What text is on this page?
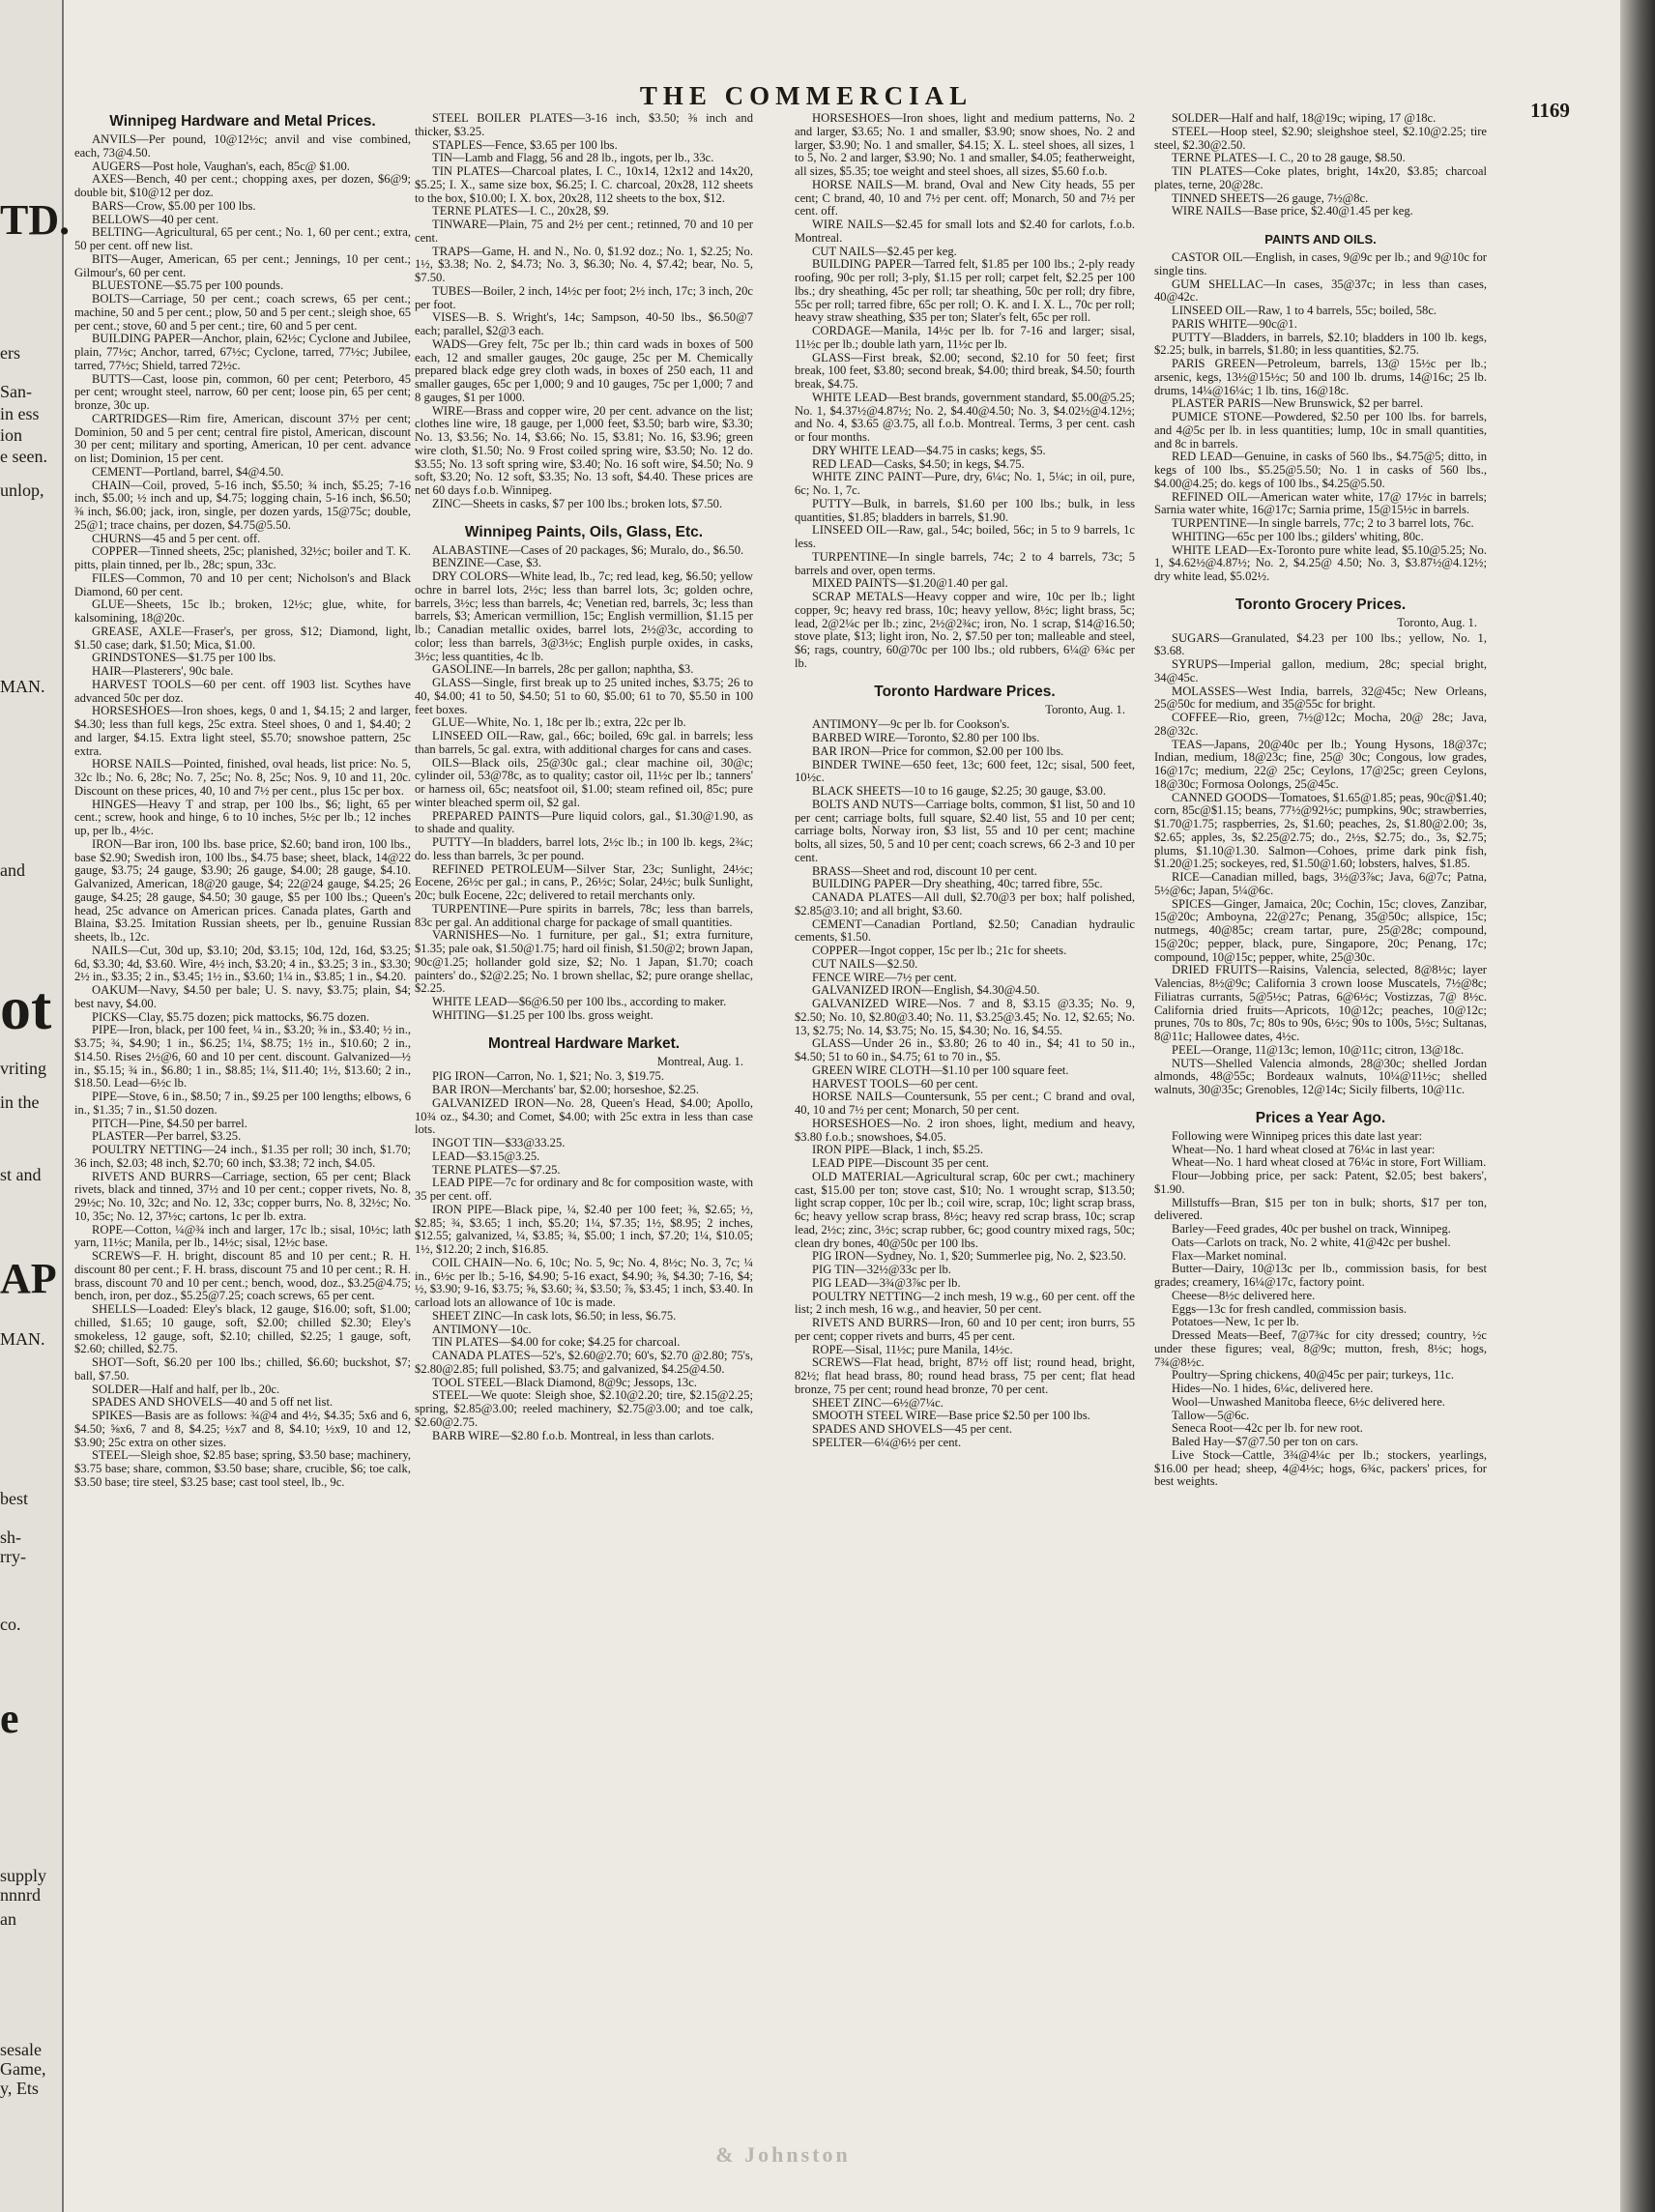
TD.
ers
San-
in ess
ion
e seen.
unlop,
MAN.
and
ot
vriting
in the
st and
AP
MAN.
best
sh-
rry-
co.
e
supply
nnnrd
an
sesale
Game,
y, Ets
THE COMMERCIAL	1169
Winnipeg Hardware and Metal Prices.
ANVILS—Per pound, 10@12½c; anvil and vise combined, each, 73@4.50.
AUGERS—Post hole, Vaughan's, each, 85c@ $1.00.
AXES—Bench, 40 per cent.; chopping axes, per dozen, $6@9; double bit, $10@12 per doz.
BARS—Crow, $5.00 per 100 lbs.
BELLOWS—40 per cent.
BELTING—Agricultural, 65 per cent.; No. 1, 60 per cent.; extra, 50 per cent. off new list.
BITS—Auger, American, 65 per cent.; Jennings, 10 per cent.; Gilmour's, 60 per cent.
BLUESTONE—$5.75 per 100 pounds.
BOLTS—Carriage, 50 per cent.; coach screws, 65 per cent.; machine, 50 and 5 per cent.; plow, 50 and 5 per cent.; sleigh shoe, 65 per cent.; stove, 60 and 5 per cent.; tire, 60 and 5 per cent.
BUILDING PAPER—Anchor, plain, 62½c; Cyclone and Jubilee, plain, 77½c; Anchor, tarred, 67½c; Cyclone, tarred, 77½c; Jubilee, tarred, 77½c; Shield, tarred 72½c.
BUTTS—Cast, loose pin, common, 60 per cent; Peterboro, 45 per cent; wrought steel, narrow, 60 per cent; loose pin, 65 per cent; bronze, 30c up.
CARTRIDGES—Rim fire, American, discount 37½ per cent; Dominion, 50 and 5 per cent; central fire pistol, American, discount 30 per cent; military and sporting, American, 10 per cent. advance on list; Dominion, 15 per cent.
CEMENT—Portland, barrel, $4@4.50.
CHAIN—Coil, proved, 5-16 inch, $5.50; ¾ inch, $5.25; 7-16 inch, $5.00; ½ inch and up, $4.75; logging chain, 5-16 inch, $6.50; ⅜ inch, $6.00; jack, iron, single, per dozen yards, 15@75c; double, 25@1; trace chains, per dozen, $4.75@5.50.
CHURNS—45 and 5 per cent. off.
COPPER—Tinned sheets, 25c; planished, 32½c; boiler and T. K. pitts, plain tinned, per lb., 28c; spun, 33c.
FILES—Common, 70 and 10 per cent; Nicholson's and Black Diamond, 60 per cent.
GLUE—Sheets, 15c lb.; broken, 12½c; glue, white, for kalsomining, 18@20c.
GREASE, AXLE—Fraser's, per gross, $12; Diamond, light, $1.50 case; dark, $1.50; Mica, $1.00.
GRINDSTONES—$1.75 per 100 lbs.
HAIR—Plasterers', 90c bale.
HARVEST TOOLS—60 per cent. off 1903 list. Scythes have advanced 50c per doz.
HORSESHOES—Iron shoes, kegs, 0 and 1, $4.15; 2 and larger, $4.30; less than full kegs, 25c extra. Steel shoes, 0 and 1, $4.40; 2 and larger, $4.15. Extra light steel, $5.70; snowshoe pattern, 25c extra.
HORSE NAILS—Pointed, finished, oval heads, list price: No. 5, 32c lb.; No. 6, 28c; No. 7, 25c; No. 8, 25c; Nos. 9, 10 and 11, 20c. Discount on these prices, 40, 10 and 7½ per cent., plus 15c per box.
HINGES—Heavy T and strap, per 100 lbs., $6; light, 65 per cent.; screw, hook and hinge, 6 to 10 inches, 5½c per lb.; 12 inches up, per lb., 4½c.
IRON—Bar iron, 100 lbs. base price, $2.60; band iron, 100 lbs., base $2.90; Swedish iron, 100 lbs., $4.75 base; sheet, black, 14@22 gauge, $3.75; 24 gauge, $3.90; 26 gauge, $4.00; 28 gauge, $4.10. Galvanized, American, 18@20 gauge, $4; 22@24 gauge, $4.25; 26 gauge, $4.25; 28 gauge, $4.50; 30 gauge, $5 per 100 lbs.; Queen's head, 25c advance on American prices. Canada plates, Garth and Blaina, $3.25. Imitation Russian sheets, per lb., genuine Russian sheets, lb., 12c.
NAILS—Cut, 30d up, $3.10; 20d, $3.15; 10d, 12d, 16d, $3.25; 6d, $3.30; 4d, $3.60. Wire, 4½ inch, $3.20; 4 in., $3.25; 3 in., $3.30; 2½ in., $3.35; 2 in., $3.45; 1½ in., $3.60; 1¼ in., $3.85; 1 in., $4.20.
OAKUM—Navy, $4.50 per bale; U. S. navy, $3.75; plain, $4; best navy, $4.00.
PICKS—Clay, $5.75 dozen; pick mattocks, $6.75 dozen.
PIPE—Iron, black, per 100 feet, ¼ in., $3.20; ⅜ in., $3.40; ½ in., $3.75; ¾, $4.90; 1 in., $6.25; 1¼, $8.75; 1½ in., $10.60; 2 in., $14.50. Rises 2½@6, 60 and 10 per cent. discount. Galvanized—½ in., $5.15; ¾ in., $6.80; 1 in., $8.85; 1¼, $11.40; 1½, $13.60; 2 in., $18.50. Lead—6½c lb.
PIPE—Stove, 6 in., $8.50; 7 in., $9.25 per 100 lengths; elbows, 6 in., $1.35; 7 in., $1.50 dozen.
PITCH—Pine, $4.50 per barrel.
PLASTER—Per barrel, $3.25.
POULTRY NETTING—24 inch., $1.35 per roll; 30 inch, $1.70; 36 inch, $2.03; 48 inch, $2.70; 60 inch, $3.38; 72 inch, $4.05.
RIVETS AND BURRS—Carriage, section, 65 per cent; Black rivets, black and tinned, 37½ and 10 per cent.; copper rivets, No. 8, 29½c; No. 10, 32c; and No. 12, 33c; copper burrs, No. 8, 32½c; No. 10, 35c; No. 12, 37½c; cartons, 1c per lb. extra.
ROPE—Cotton, ¼@¾ inch and larger, 17c lb.; sisal, 10½c; lath yarn, 11½c; Manila, per lb., 14½c; sisal, 12½c base.
SCREWS—F. H. bright, discount 85 and 10 per cent.; R. H. discount 80 per cent.; F. H. brass, discount 75 and 10 per cent.; R. H. brass, discount 70 and 10 per cent.; bench, wood, doz., $3.25@4.75; bench, iron, per doz., $5.25@7.25; coach screws, 65 per cent.
SHELLS—Loaded: Eley's black, 12 gauge, $16.00; soft, $1.00; chilled, $1.65; 10 gauge, soft, $2.00; chilled $2.30; Eley's smokeless, 12 gauge, soft, $2.10; chilled, $2.25; 1 gauge, soft, $2.60; chilled, $2.75.
SHOT—Soft, $6.20 per 100 lbs.; chilled, $6.60; buckshot, $7; ball, $7.50.
SOLDER—Half and half, per lb., 20c.
SPADES AND SHOVELS—40 and 5 off net list.
SPIKES—Basis are as follows: ¾@4 and 4½, $4.35; 5x6 and 6, $4.50; ⅝x6, 7 and 8, $4.25; ½x7 and 8, $4.10; ½x9, 10 and 12, $3.90; 25c extra on other sizes.
STEEL—Sleigh shoe, $2.85 base; spring, $3.50 base; machinery, $3.75 base; share, common, $3.50 base; share, crucible, $6; toe calk, $3.50 base; tire steel, $3.25 base; cast tool steel, lb., 9c.
STEEL BOILER PLATES—3-16 inch, $3.50; ⅜ inch and thicker, $3.25.
STAPLES—Fence, $3.65 per 100 lbs.
TIN—Lamb and Flagg, 56 and 28 lb., ingots, per lb., 33c.
TIN PLATES—Charcoal plates, I. C., 10x14, 12x12 and 14x20, $5.25; I. X., same size box, $6.25; I. C. charcoal, 20x28, 112 sheets to the box, $10.00; I. X. box, 20x28, 112 sheets to the box, $12.
TERNE PLATES—I. C., 20x28, $9.
TINWARE—Plain, 75 and 2½ per cent.; retinned, 70 and 10 per cent.
TRAPS—Game, H. and N., No. 0, $1.92 doz.; No. 1, $2.25; No. 1½, $3.38; No. 2, $4.73; No. 3, $6.30; No. 4, $7.42; bear, No. 5, $7.50.
TUBES—Boiler, 2 inch, 14½c per foot; 2½ inch, 17c; 3 inch, 20c per foot.
VISES—B. S. Wright's, 14c; Sampson, 40-50 lbs., $6.50@7 each; parallel, $2@3 each.
WADS—Grey felt, 75c per lb.; thin card wads in boxes of 500 each, 12 and smaller gauges, 20c gauge, 25c per M. Chemically prepared black edge grey cloth wads, in boxes of 250 each, 11 and smaller gauges, 65c per 1,000; 9 and 10 gauges, 75c per 1,000; 7 and 8 gauges, $1 per 1000.
WIRE—Brass and copper wire, 20 per cent. advance on the list; clothes line wire, 18 gauge, per 1,000 feet, $3.50; barb wire, $3.30; No. 13, $3.56; No. 14, $3.66; No. 15, $3.81; No. 16, $3.96; green wire cloth, $1.50; No. 9 Frost coiled spring wire, $3.50; No. 12 do. $3.55; No. 13 soft spring wire, $3.40; No. 16 soft wire, $4.50; No. 9 soft, $3.20; No. 12 soft, $3.35; No. 13 soft, $4.40. These prices are net 60 days f.o.b. Winnipeg.
ZINC—Sheets in casks, $7 per 100 lbs.; broken lots, $7.50.
Winnipeg Paints, Oils, Glass, Etc.
ALABASTINE—Cases of 20 packages, $6; Muralo, do., $6.50.
BENZINE—Case, $3.
DRY COLORS—White lead, lb., 7c; red lead, keg, $6.50; yellow ochre in barrel lots, 2½c; less than barrel lots, 3c; golden ochre, barrels, 3½c; less than barrels, 4c; Venetian red, barrels, 3c; less than barrels, $3; American vermillion, 15c; English vermillion, $1.15 per lb.; Canadian metallic oxides, barrel lots, 2½@3c, according to color; less than barrels, 3@3½c; English purple oxides, in casks, 3½c; less quantities, 4c lb.
GASOLINE—In barrels, 28c per gallon; naphtha, $3.
GLASS—Single, first break up to 25 united inches, $3.75; 26 to 40, $4.00; 41 to 50, $4.50; 51 to 60, $5.00; 61 to 70, $5.50 in 100 feet boxes.
GLUE—White, No. 1, 18c per lb.; extra, 22c per lb.
LINSEED OIL—Raw, gal., 66c; boiled, 69c gal. in barrels; less than barrels, 5c gal. extra, with additional charges for cans and cases.
OILS—Black oils, 25@30c gal.; clear machine oil, 30@c; cylinder oil, 53@78c, as to quality; castor oil, 11½c per lb.; tanners' or harness oil, 65c; neatsfoot oil, $1.00; steam refined oil, 85c; pure winter bleached sperm oil, $2 gal.
PREPARED PAINTS—Pure liquid colors, gal., $1.30@1.90, as to shade and quality.
PUTTY—In bladders, barrel lots, 2½c lb.; in 100 lb. kegs, 2¾c; do. less than barrels, 3c per pound.
REFINED PETROLEUM—Silver Star, 23c; Sunlight, 24½c; Eocene, 26½c per gal.; in cans, P., 26½c; Solar, 24½c; bulk Sunlight, 20c; bulk Eocene, 22c; delivered to retail merchants only.
TURPENTINE—Pure spirits in barrels, 78c; less than barrels, 83c per gal. An additional charge for package of small quantities.
VARNISHES—No. 1 furniture, per gal., $1; extra furniture, $1.35; pale oak, $1.50@1.75; hard oil finish, $1.50@2; brown Japan, 90c@1.25; hollander gold size, $2; No. 1 Japan, $1.70; coach painters' do., $2@2.25; No. 1 brown shellac, $2; pure orange shellac, $2.25.
WHITE LEAD—$6@6.50 per 100 lbs., according to maker.
WHITING—$1.25 per 100 lbs. gross weight.
Montreal Hardware Market.
Montreal, Aug. 1.
PIG IRON—Carron, No. 1, $21; No. 3, $19.75.
BAR IRON—Merchants' bar, $2.00; horseshoe, $2.25.
GALVANIZED IRON—No. 28, Queen's Head, $4.00; Apollo, 10¾ oz., $4.30; and Comet, $4.00; with 25c extra in less than case lots.
INGOT TIN—$33@33.25.
LEAD—$3.15@3.25.
TERNE PLATES—$7.25.
LEAD PIPE—7c for ordinary and 8c for composition waste, with 35 per cent. off.
IRON PIPE—Black pipe, ¼, $2.40 per 100 feet; ⅜, $2.65; ½, $2.85; ¾, $3.65; 1 inch, $5.20; 1¼, $7.35; 1½, $8.95; 2 inches, $12.55; galvanized, ¼, $3.85; ¾, $5.00; 1 inch, $7.20; 1¼, $10.05; 1½, $12.20; 2 inch, $16.85.
COIL CHAIN—No. 6, 10c; No. 5, 9c; No. 4, 8½c; No. 3, 7c; ¼ in., 6½c per lb.; 5-16, $4.90; 5-16 exact, $4.90; ⅜, $4.30; 7-16, $4; ½, $3.90; 9-16, $3.75; ⅝, $3.60; ¾, $3.50; ⅞, $3.45; 1 inch, $3.40. In carload lots an allowance of 10c is made.
SHEET ZINC—In cask lots, $6.50; in less, $6.75.
ANTIMONY—10c.
TIN PLATES—$4.00 for coke; $4.25 for charcoal.
CANADA PLATES—52's, $2.60@2.70; 60's, $2.70 @2.80; 75's, $2.80@2.85; full polished, $3.75; and galvanized, $4.25@4.50.
TOOL STEEL—Black Diamond, 8@9c; Jessops, 13c.
STEEL—We quote: Sleigh shoe, $2.10@2.20; tire, $2.15@2.25; spring, $2.85@3.00; reeled machinery, $2.75@3.00; and toe calk, $2.60@2.75.
BARB WIRE—$2.80 f.o.b. Montreal, in less than carlots.
HORSESHOES—Iron shoes, light and medium patterns, No. 2 and larger, $3.65; No. 1 and smaller, $3.90; snow shoes, No. 2 and larger, $3.90; No. 1 and smaller, $4.15; X. L. steel shoes, all sizes, 1 to 5, No. 2 and larger, $3.90; No. 1 and smaller, $4.05; featherweight, all sizes, $5.35; toe weight and steel shoes, all sizes, $5.60 f.o.b.
HORSE NAILS—M. brand, Oval and New City heads, 55 per cent; C brand, 40, 10 and 7½ per cent. off; Monarch, 50 and 7½ per cent. off.
WIRE NAILS—$2.45 for small lots and $2.40 for carlots, f.o.b. Montreal.
CUT NAILS—$2.45 per keg.
BUILDING PAPER—Tarred felt, $1.85 per 100 lbs.; 2-ply ready roofing, 90c per roll; 3-ply, $1.15 per roll; carpet felt, $2.25 per 100 lbs.; dry sheathing, 45c per roll; tar sheathing, 50c per roll; dry fibre, 55c per roll; tarred fibre, 65c per roll; O. K. and I. X. L., 70c per roll; heavy straw sheathing, $35 per ton; Slater's felt, 65c per roll.
CORDAGE—Manila, 14½c per lb. for 7-16 and larger; sisal, 11½c per lb.; double lath yarn, 11½c per lb.
GLASS—First break, $2.00; second, $2.10 for 50 feet; first break, 100 feet, $3.80; second break, $4.00; third break, $4.50; fourth break, $4.75.
WHITE LEAD—Best brands, government standard, $5.00@5.25; No. 1, $4.37½@4.87½; No. 2, $4.40@4.50; No. 3, $4.02½@4.12½; and No. 4, $3.65 @3.75, all f.o.b. Montreal. Terms, 3 per cent. cash or four months.
DRY WHITE LEAD—$4.75 in casks; kegs, $5.
RED LEAD—Casks, $4.50; in kegs, $4.75.
WHITE ZINC PAINT—Pure, dry, 6¼c; No. 1, 5¼c; in oil, pure, 6c; No. 1, 7c.
PUTTY—Bulk, in barrels, $1.60 per 100 lbs.; bulk, in less quantities, $1.85; bladders in barrels, $1.90.
LINSEED OIL—Raw, gal., 54c; boiled, 56c; in 5 to 9 barrels, 1c less.
TURPENTINE—In single barrels, 74c; 2 to 4 barrels, 73c; 5 barrels and over, open terms.
MIXED PAINTS—$1.20@1.40 per gal.
SCRAP METALS—Heavy copper and wire, 10c per lb.; light copper, 9c; heavy red brass, 10c; heavy yellow, 8½c; light brass, 5c; lead, 2@2¼c per lb.; zinc, 2½@2¾c; iron, No. 1 scrap, $14@16.50; stove plate, $13; light iron, No. 2, $7.50 per ton; malleable and steel, $6; rags, country, 60@70c per 100 lbs.; old rubbers, 6¼@ 6¾c per lb.
Toronto Hardware Prices.
Toronto, Aug. 1.
ANTIMONY—9c per lb. for Cookson's.
BARBED WIRE—Toronto, $2.80 per 100 lbs.
BAR IRON—Price for common, $2.00 per 100 lbs.
BINDER TWINE—650 feet, 13c; 600 feet, 12c; sisal, 500 feet, 10½c.
BLACK SHEETS—10 to 16 gauge, $2.25; 30 gauge, $3.00.
BOLTS AND NUTS—Carriage bolts, common, $1 list, 50 and 10 per cent; carriage bolts, full square, $2.40 list, 55 and 10 per cent; carriage bolts, Norway iron, $3 list, 55 and 10 per cent; machine bolts, all sizes, 50, 5 and 10 per cent; coach screws, 66 2-3 and 10 per cent.
BRASS—Sheet and rod, discount 10 per cent.
BUILDING PAPER—Dry sheathing, 40c; tarred fibre, 55c.
CANADA PLATES—All dull, $2.70@3 per box; half polished, $2.85@3.10; and all bright, $3.60.
CEMENT—Canadian Portland, $2.50; Canadian hydraulic cements, $1.50.
COPPER—Ingot copper, 15c per lb.; 21c for sheets.
CUT NAILS—$2.50.
FENCE WIRE—7½ per cent.
GALVANIZED IRON—English, $4.30@4.50.
GALVANIZED WIRE—Nos. 7 and 8, $3.15 @3.35; No. 9, $2.50; No. 10, $2.80@3.40; No. 11, $3.25@3.45; No. 12, $2.65; No. 13, $2.75; No. 14, $3.75; No. 15, $4.30; No. 16, $4.55.
GLASS—Under 26 in., $3.80; 26 to 40 in., $4; 41 to 50 in., $4.50; 51 to 60 in., $4.75; 61 to 70 in., $5.
GREEN WIRE CLOTH—$1.10 per 100 square feet.
HARVEST TOOLS—60 per cent.
HORSE NAILS—Countersunk, 55 per cent.; C brand and oval, 40, 10 and 7½ per cent; Monarch, 50 per cent.
HORSESHOES—No. 2 iron shoes, light, medium and heavy, $3.80 f.o.b.; snowshoes, $4.05.
IRON PIPE—Black, 1 inch, $5.25.
LEAD PIPE—Discount 35 per cent.
OLD MATERIAL—Agricultural scrap, 60c per cwt.; machinery cast, $15.00 per ton; stove cast, $10; No. 1 wrought scrap, $13.50; light scrap copper, 10c per lb.; coil wire, scrap, 10c; light scrap brass, 6c; heavy yellow scrap brass, 8½c; heavy red scrap brass, 10c; scrap lead, 2½c; zinc, 3½c; scrap rubber, 6c; good country mixed rags, 50c; clean dry bones, 40@50c per 100 lbs.
PIG IRON—Sydney, No. 1, $20; Summerlee pig, No. 2, $23.50.
PIG TIN—32½@33c per lb.
PIG LEAD—3¾@3⅞c per lb.
POULTRY NETTING—2 inch mesh, 19 w.g., 60 per cent. off the list; 2 inch mesh, 16 w.g., and heavier, 50 per cent.
RIVETS AND BURRS—Iron, 60 and 10 per cent; iron burrs, 55 per cent; copper rivets and burrs, 45 per cent.
ROPE—Sisal, 11½c; pure Manila, 14½c.
SCREWS—Flat head, bright, 87½ off list; round head, bright, 82½; flat head brass, 80; round head brass, 75 per cent; flat head bronze, 75 per cent; round head bronze, 70 per cent.
SHEET ZINC—6½@7¼c.
SMOOTH STEEL WIRE—Base price $2.50 per 100 lbs.
SPADES AND SHOVELS—45 per cent.
SPELTER—6¼@6½ per cent.
SOLDER—Half and half, 18@19c; wiping, 17 @18c.
STEEL—Hoop steel, $2.90; sleighshoe steel, $2.10@2.25; tire steel, $2.30@2.50.
TERNE PLATES—I. C., 20 to 28 gauge, $8.50.
TIN PLATES—Coke plates, bright, 14x20, $3.85; charcoal plates, terne, 20@28c.
TINNED SHEETS—26 gauge, 7½@8c.
WIRE NAILS—Base price, $2.40@1.45 per keg.
PAINTS AND OILS.
CASTOR OIL—English, in cases, 9@9c per lb.; and 9@10c for single tins.
GUM SHELLAC—In cases, 35@37c; in less than cases, 40@42c.
LINSEED OIL—Raw, 1 to 4 barrels, 55c; boiled, 58c.
PARIS WHITE—90c@1.
PUTTY—Bladders, in barrels, $2.10; bladders in 100 lb. kegs, $2.25; bulk, in barrels, $1.80; in less quantities, $2.75.
PARIS GREEN—Petroleum, barrels, 13@ 15½c per lb.; arsenic, kegs, 13½@15½c; 50 and 100 lb. drums, 14@16c; 25 lb. drums, 14¼@16¼c; 1 lb. tins, 16@18c.
PLASTER PARIS—New Brunswick, $2 per barrel.
PUMICE STONE—Powdered, $2.50 per 100 lbs. for barrels, and 4@5c per lb. in less quantities; lump, 10c in small quantities, and 8c in barrels.
RED LEAD—Genuine, in casks of 560 lbs., $4.75@5; ditto, in kegs of 100 lbs., $5.25@5.50; No. 1 in casks of 560 lbs., $4.00@4.25; do. kegs of 100 lbs., $4.25@5.50.
REFINED OIL—American water white, 17@ 17½c in barrels; Sarnia water white, 16@17c; Sarnia prime, 15@15½c in barrels.
TURPENTINE—In single barrels, 77c; 2 to 3 barrel lots, 76c.
WHITING—65c per 100 lbs.; gilders' whiting, 80c.
WHITE LEAD—Ex-Toronto pure white lead, $5.10@5.25; No. 1, $4.62½@4.87½; No. 2, $4.25@ 4.50; No. 3, $3.87½@4.12½; dry white lead, $5.02½.
Toronto Grocery Prices.
Toronto, Aug. 1.
SUGARS—Granulated, $4.23 per 100 lbs.; yellow, No. 1, $3.68.
SYRUPS—Imperial gallon, medium, 28c; special bright, 34@45c.
MOLASSES—West India, barrels, 32@45c; New Orleans, 25@50c for medium, and 35@55c for bright.
COFFEE—Rio, green, 7½@12c; Mocha, 20@ 28c; Java, 28@32c.
TEAS—Japans, 20@40c per lb.; Young Hysons, 18@37c; Indian, medium, 18@23c; fine, 25@ 30c; Congous, low grades, 16@17c; medium, 22@ 25c; Ceylons, 17@25c; green Ceylons, 18@30c; Formosa Oolongs, 25@45c.
CANNED GOODS—Tomatoes, $1.65@1.85; peas, 90c@$1.40; corn, 85c@$1.15; beans, 77½@92½c; pumpkins, 90c; strawberries, $1.70@1.75; raspberries, 2s, $1.60; peaches, 2s, $1.80@2.00; 3s, $2.65; apples, 3s, $2.25@2.75; do., 2½s, $2.75; do., 3s, $2.75; plums, $1.10@1.30. Salmon—Cohoes, prime dark pink fish, $1.20@1.25; sockeyes, red, $1.50@1.60; lobsters, halves, $1.85.
RICE—Canadian milled, bags, 3½@3⅞c; Java, 6@7c; Patna, 5½@6c; Japan, 5¼@6c.
SPICES—Ginger, Jamaica, 20c; Cochin, 15c; cloves, Zanzibar, 15@20c; Amboyna, 22@27c; Penang, 35@50c; allspice, 15c; nutmegs, 40@85c; cream tartar, pure, 25@28c; compound, 15@20c; pepper, black, pure, Singapore, 20c; Penang, 17c; compound, 10@15c; pepper, white, 25@30c.
DRIED FRUITS—Raisins, Valencia, selected, 8@8½c; layer Valencias, 8½@9c; California 3 crown loose Muscatels, 7½@8c; Filiatras currants, 5@5½c; Patras, 6@6½c; Vostizzas, 7@ 8½c. California dried fruits—Apricots, 10@12c; peaches, 10@12c; prunes, 70s to 80s, 7c; 80s to 90s, 6½c; 90s to 100s, 5½c; Sultanas, 8@11c; Hallowee dates, 4½c.
PEEL—Orange, 11@13c; lemon, 10@11c; citron, 13@18c.
NUTS—Shelled Valencia almonds, 28@30c; shelled Jordan almonds, 48@55c; Bordeaux walnuts, 10¼@11½c; shelled walnuts, 30@35c; Grenobles, 12@14c; Sicily filberts, 10@11c.
Prices a Year Ago.
Following were Winnipeg prices this date last year:
Wheat—No. 1 hard wheat closed at 76¼c in last year:
Wheat—No. 1 hard wheat closed at 76¼c in store, Fort William.
Flour—Jobbing price, per sack: Patent, $2.05; best bakers', $1.90.
Millstuffs—Bran, $15 per ton in bulk; shorts, $17 per ton, delivered.
Barley—Feed grades, 40c per bushel on track, Winnipeg.
Oats—Carlots on track, No. 2 white, 41@42c per bushel.
Flax—Market nominal.
Butter—Dairy, 10@13c per lb., commission basis, for best grades; creamery, 16¼@17c, factory point.
Cheese—8½c delivered here.
Eggs—13c for fresh candled, commission basis.
Potatoes—New, 1c per lb.
Dressed Meats—Beef, 7@7¾c for city dressed; country, ½c under these figures; veal, 8@9c; mutton, fresh, 8½c; hogs, 7¾@8½c.
Poultry—Spring chickens, 40@45c per pair; turkeys, 11c.
Hides—No. 1 hides, 6¼c, delivered here.
Wool—Unwashed Manitoba fleece, 6½c delivered here.
Tallow—5@6c.
Seneca Root—42c per lb. for new root.
Baled Hay—$7@7.50 per ton on cars.
Live Stock—Cattle, 3¾@4¼c per lb.; stockers, yearlings, $16.00 per head; sheep, 4@4½c; hogs, 6¾c, packers' prices, for best weights.
& Johnston
